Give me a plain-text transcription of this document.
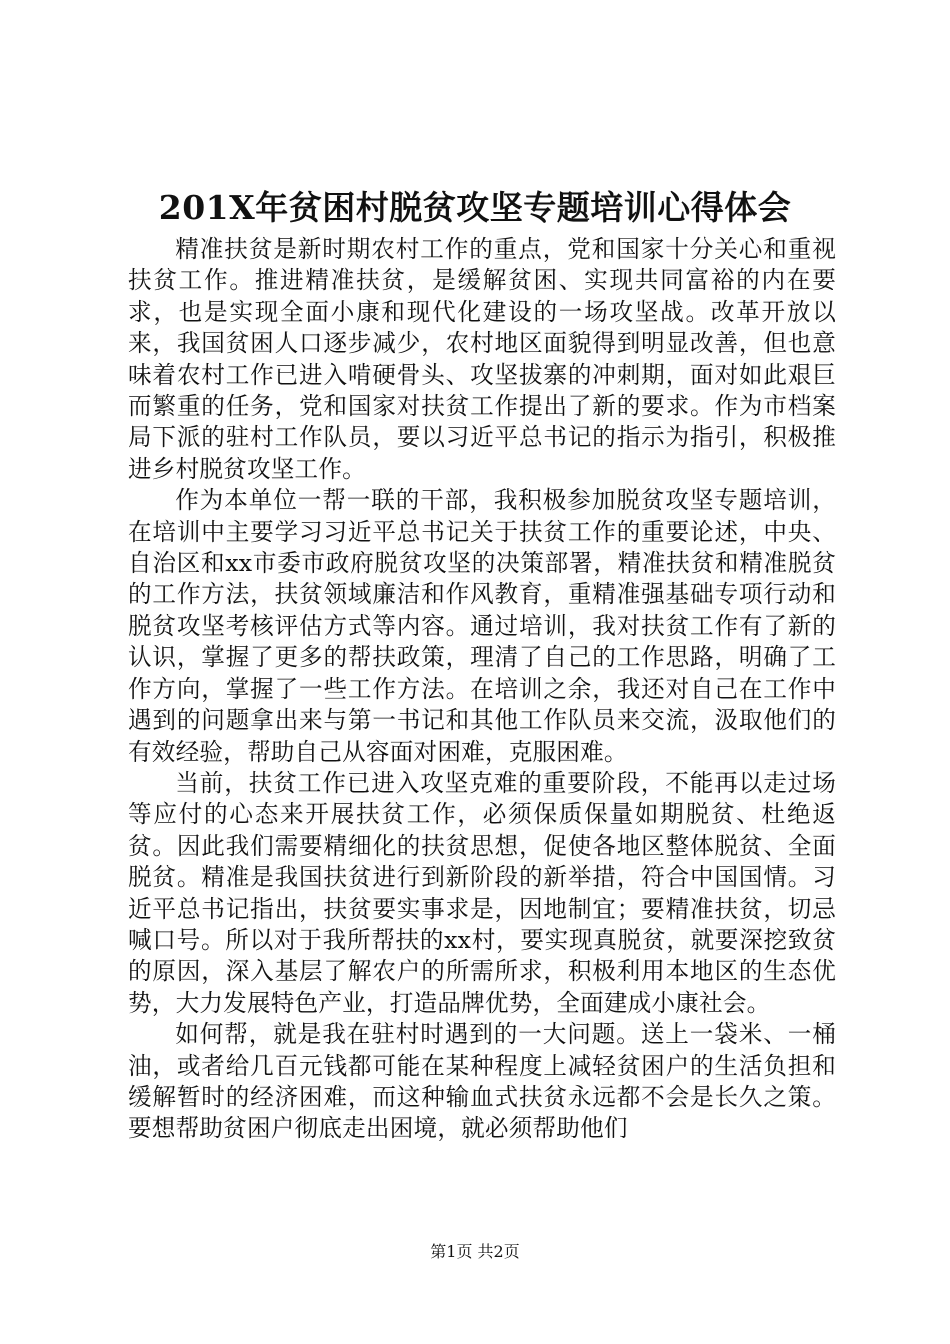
201X年贫困村脱贫攻坚专题培训心得体会

精准扶贫是新时期农村工作的重点，党和国家十分关心和重视扶贫工作。推进精准扶贫，是缓解贫困、实现共同富裕的内在要求，也是实现全面小康和现代化建设的一场攻坚战。改革开放以来，我国贫困人口逐步减少，农村地区面貌得到明显改善，但也意味着农村工作已进入啃硬骨头、攻坚拔寨的冲刺期，面对如此艰巨而繁重的任务，党和国家对扶贫工作提出了新的要求。作为市档案局下派的驻村工作队员，要以习近平总书记的指示为指引，积极推进乡村脱贫攻坚工作。

作为本单位一帮一联的干部，我积极参加脱贫攻坚专题培训，在培训中主要学习习近平总书记关于扶贫工作的重要论述，中央、自治区和xx市委市政府脱贫攻坚的决策部署，精准扶贫和精准脱贫的工作方法，扶贫领域廉洁和作风教育，重精准强基础专项行动和脱贫攻坚考核评估方式等内容。通过培训，我对扶贫工作有了新的认识，掌握了更多的帮扶政策，理清了自己的工作思路，明确了工作方向，掌握了一些工作方法。在培训之余，我还对自己在工作中遇到的问题拿出来与第一书记和其他工作队员来交流，汲取他们的有效经验，帮助自己从容面对困难，克服困难。

当前，扶贫工作已进入攻坚克难的重要阶段，不能再以走过场等应付的心态来开展扶贫工作，必须保质保量如期脱贫、杜绝返贫。因此我们需要精细化的扶贫思想，促使各地区整体脱贫、全面脱贫。精准是我国扶贫进行到新阶段的新举措，符合中国国情。习近平总书记指出，扶贫要实事求是，因地制宜；要精准扶贫，切忌喊口号。所以对于我所帮扶的xx村，要实现真脱贫，就要深挖致贫的原因，深入基层了解农户的所需所求，积极利用本地区的生态优势，大力发展特色产业，打造品牌优势，全面建成小康社会。

如何帮，就是我在驻村时遇到的一大问题。送上一袋米、一桶油，或者给几百元钱都可能在某种程度上减轻贫困户的生活负担和缓解暂时的经济困难，而这种输血式扶贫永远都不会是长久之策。要想帮助贫困户彻底走出困境，就必须帮助他们

第1页 共2页
